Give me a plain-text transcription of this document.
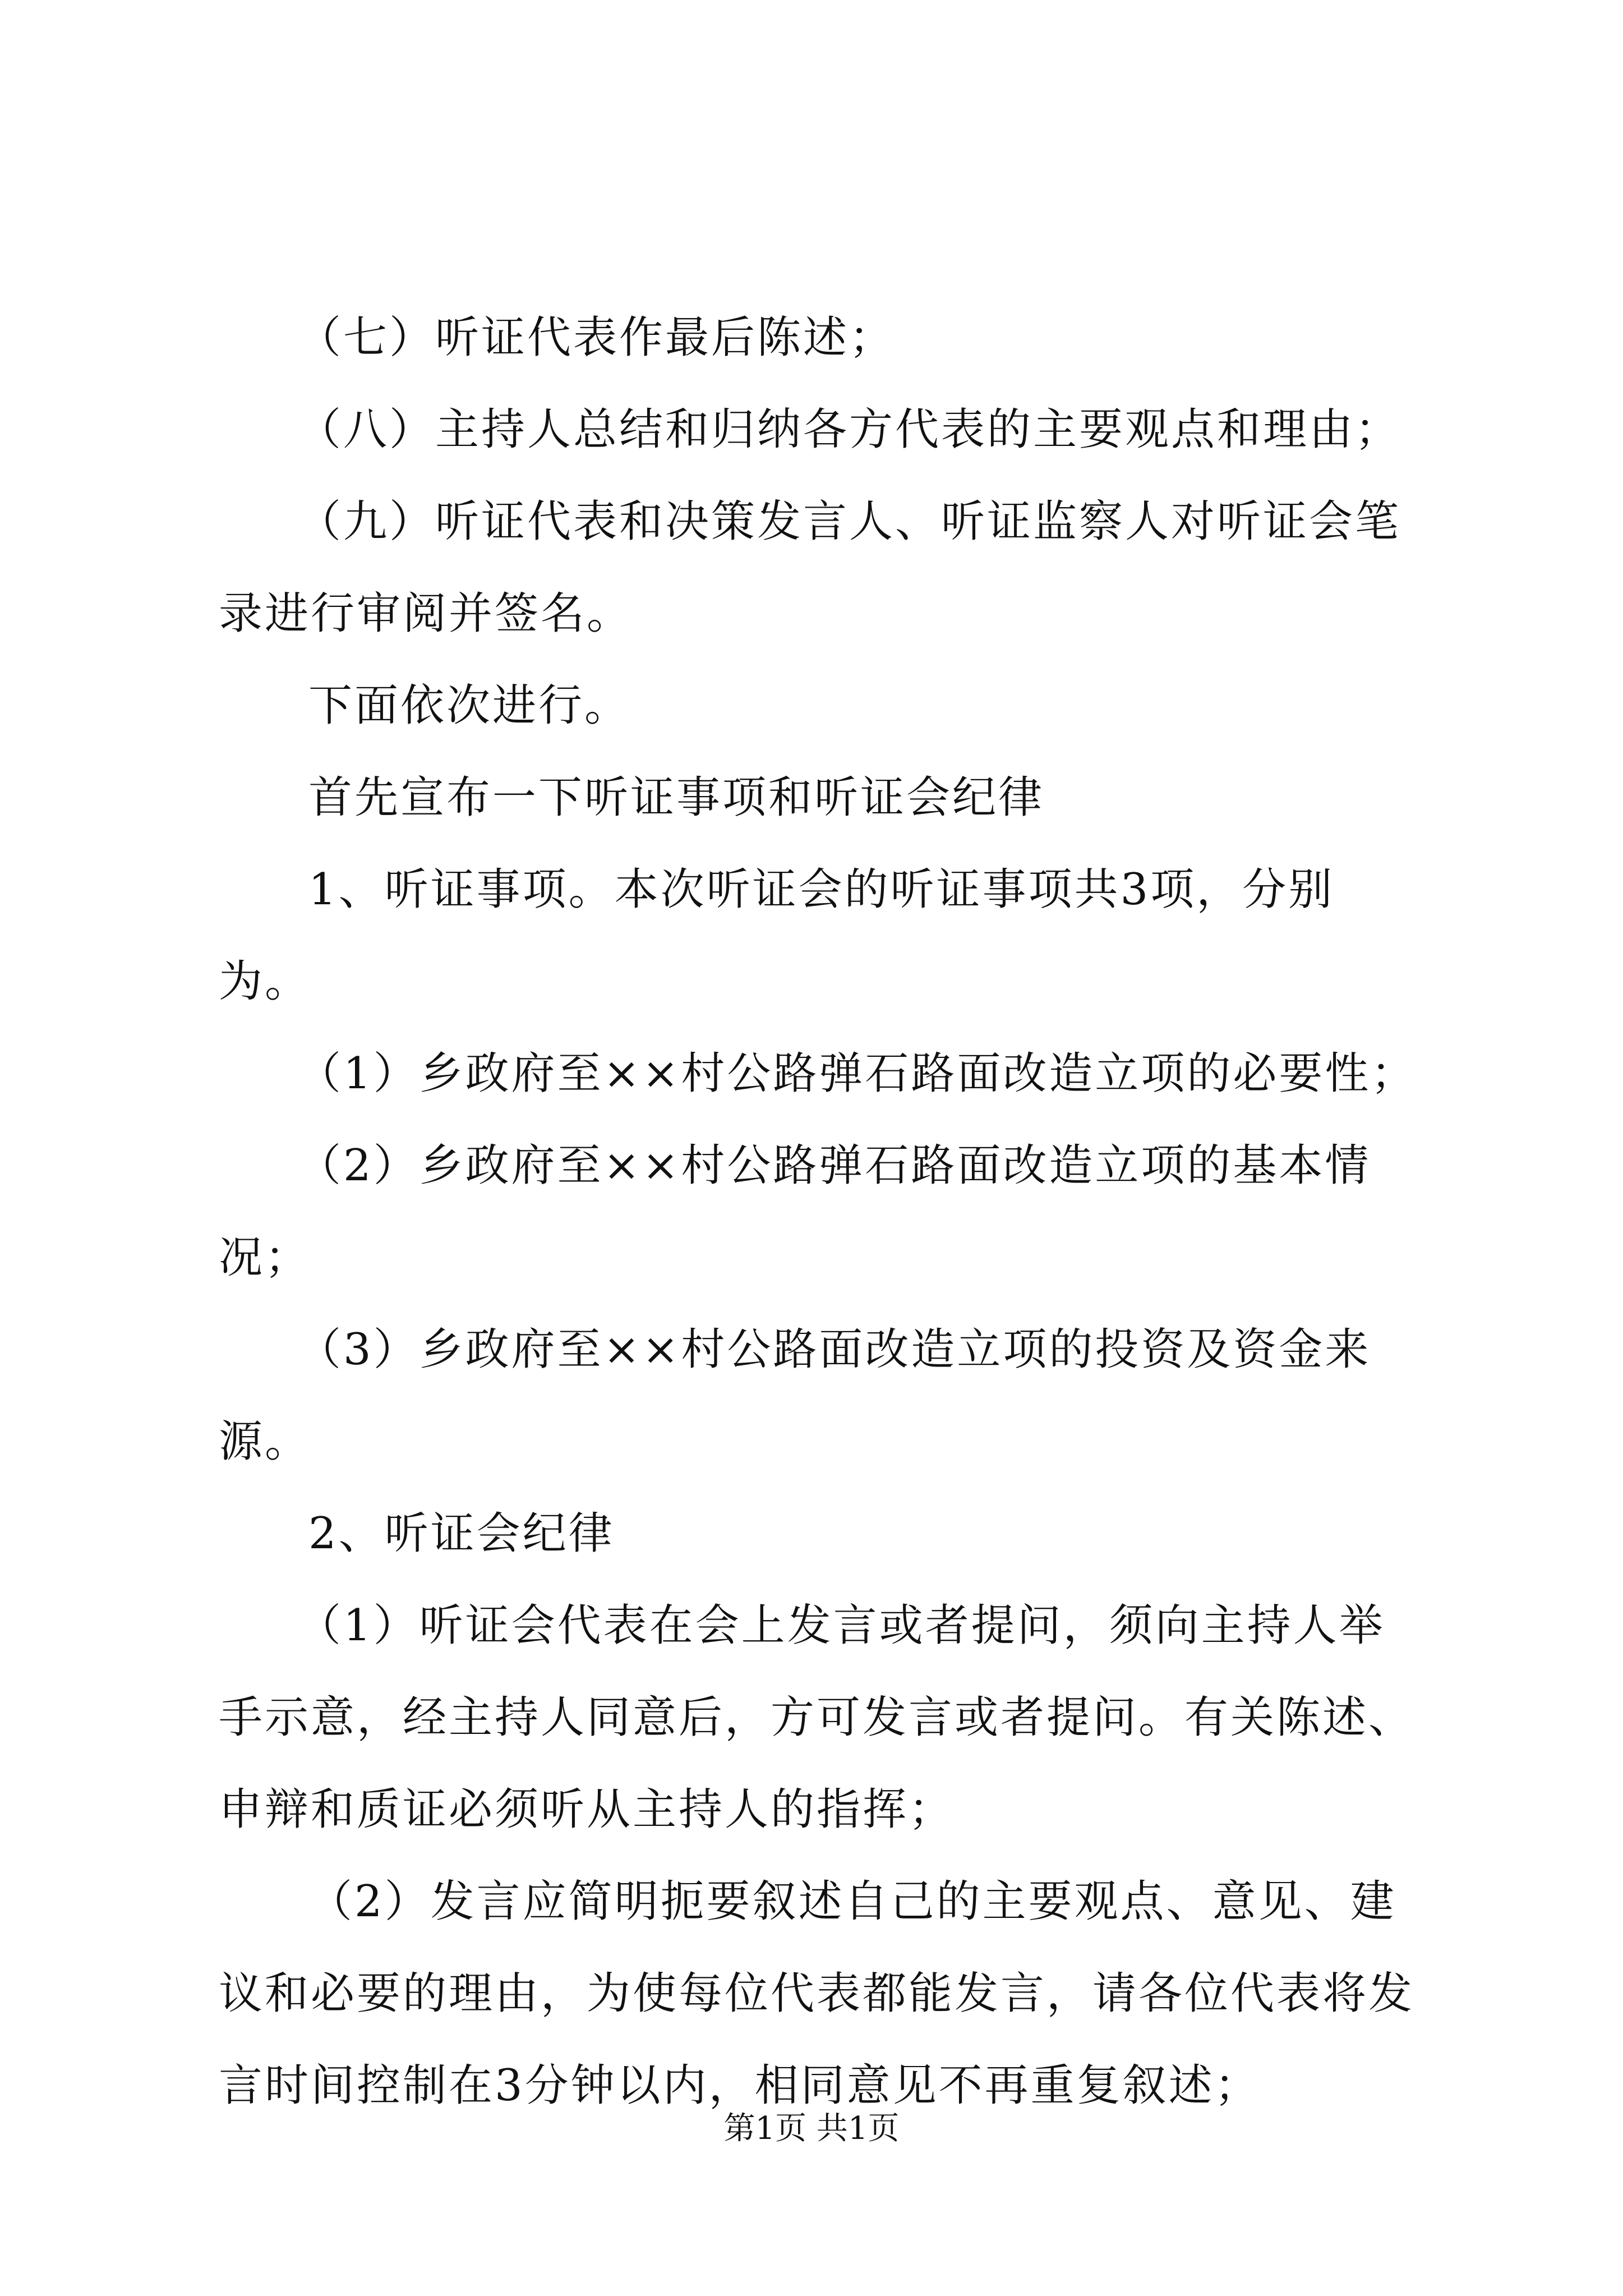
（七）听证代表作最后陈述；

（八）主持人总结和归纳各方代表的主要观点和理由；

（九）听证代表和决策发言人、听证监察人对听证会笔录进行审阅并签名。

下面依次进行。

首先宣布一下听证事项和听证会纪律

1、听证事项。本次听证会的听证事项共3项，分别为。

（1）乡政府至××村公路弹石路面改造立项的必要性；

（2）乡政府至××村公路弹石路面改造立项的基本情况；

（3）乡政府至××村公路面改造立项的投资及资金来源。

2、听证会纪律

（1）听证会代表在会上发言或者提问，须向主持人举手示意，经主持人同意后，方可发言或者提问。有关陈述、申辩和质证必须听从主持人的指挥；

（2）发言应简明扼要叙述自己的主要观点、意见、建议和必要的理由，为使每位代表都能发言，请各位代表将发言时间控制在3分钟以内，相同意见不再重复叙述；

第1页 共1页
